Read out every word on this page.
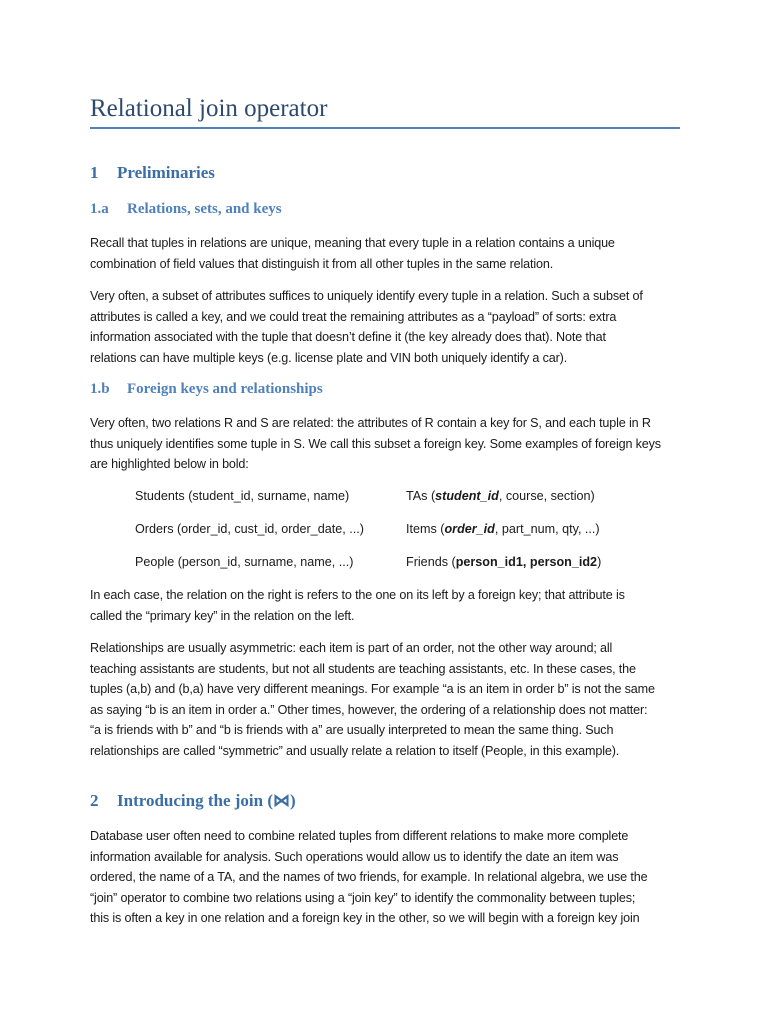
Relational join operator
1 Preliminaries
1.a Relations, sets, and keys
Recall that tuples in relations are unique, meaning that every tuple in a relation contains a unique
combination of field values that distinguish it from all other tuples in the same relation.
Very often, a subset of attributes suffices to uniquely identify every tuple in a relation. Such a subset of
attributes is called a key, and we could treat the remaining attributes as a “payload” of sorts: extra
information associated with the tuple that doesn’t define it (the key already does that). Note that
relations can have multiple keys (e.g. license plate and VIN both uniquely identify a car).
1.b Foreign keys and relationships
Very often, two relations R and S are related: the attributes of R contain a key for S, and each tuple in R
thus uniquely identifies some tuple in S. We call this subset a foreign key. Some examples of foreign keys
are highlighted below in bold:
Students (student_id, surname, name)	TAs (student_id, course, section)
Orders (order_id, cust_id, order_date, ...)	Items (order_id, part_num, qty, ...)
People (person_id, surname, name, ...)	Friends (person_id1, person_id2)
In each case, the relation on the right is refers to the one on its left by a foreign key; that attribute is
called the “primary key” in the relation on the left.
Relationships are usually asymmetric: each item is part of an order, not the other way around; all
teaching assistants are students, but not all students are teaching assistants, etc. In these cases, the
tuples (a,b) and (b,a) have very different meanings. For example “a is an item in order b” is not the same
as saying “b is an item in order a.” Other times, however, the ordering of a relationship does not matter:
“a is friends with b” and “b is friends with a” are usually interpreted to mean the same thing. Such
relationships are called “symmetric” and usually relate a relation to itself (People, in this example).
2 Introducing the join (⋈)
Database user often need to combine related tuples from different relations to make more complete
information available for analysis. Such operations would allow us to identify the date an item was
ordered, the name of a TA, and the names of two friends, for example. In relational algebra, we use the
“join” operator to combine two relations using a “join key” to identify the commonality between tuples;
this is often a key in one relation and a foreign key in the other, so we will begin with a foreign key join
